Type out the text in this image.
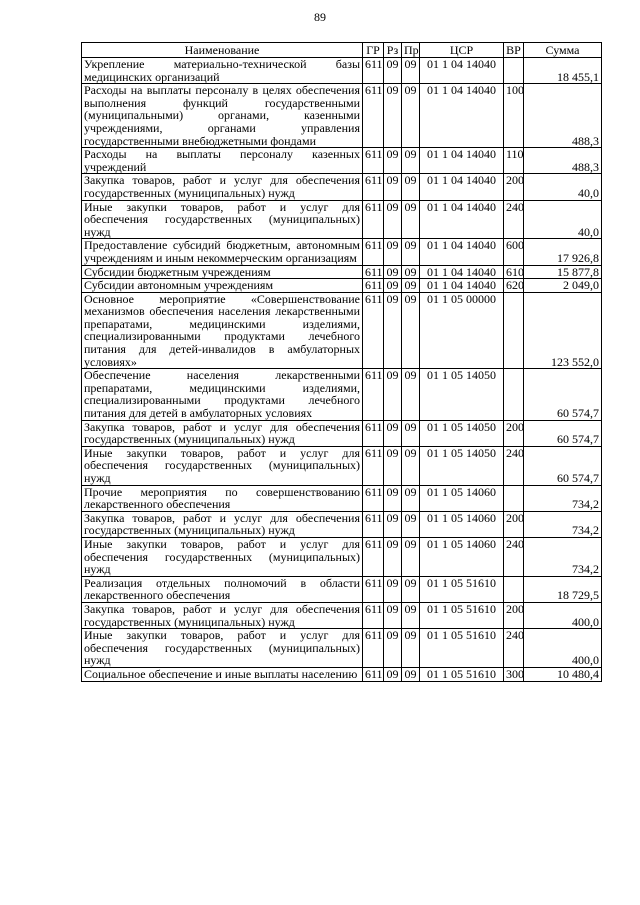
89
Наименование	ГР	Рз	Пр	ЦСР	ВР	Сумма
Укрепление материально-технической базы медицинских организаций	611	09	09	01 1 04 14040		18 455,1
Расходы на выплаты персоналу в целях обеспечения выполнения функций государственными (муниципальными) органами, казенными учреждениями, органами управления государственными внебюджетными фондами	611	09	09	01 1 04 14040	100	488,3
Расходы на выплаты персоналу казенных учреждений	611	09	09	01 1 04 14040	110	488,3
Закупка товаров, работ и услуг для обеспечения государственных (муниципальных) нужд	611	09	09	01 1 04 14040	200	40,0
Иные закупки товаров, работ и услуг для обеспечения государственных (муниципальных) нужд	611	09	09	01 1 04 14040	240	40,0
Предоставление субсидий бюджетным, автономным учреждениям и иным некоммерческим организациям	611	09	09	01 1 04 14040	600	17 926,8
Субсидии бюджетным учреждениям	611	09	09	01 1 04 14040	610	15 877,8
Субсидии автономным учреждениям	611	09	09	01 1 04 14040	620	2 049,0
Основное мероприятие «Совершенствование механизмов обеспечения населения лекарственными препаратами, медицинскими изделиями, специализированными продуктами лечебного питания для детей-инвалидов в амбулаторных условиях»	611	09	09	01 1 05 00000		123 552,0
Обеспечение населения лекарственными препаратами, медицинскими изделиями, специализированными продуктами лечебного питания для детей в амбулаторных условиях	611	09	09	01 1 05 14050		60 574,7
Закупка товаров, работ и услуг для обеспечения государственных (муниципальных) нужд	611	09	09	01 1 05 14050	200	60 574,7
Иные закупки товаров, работ и услуг для обеспечения государственных (муниципальных) нужд	611	09	09	01 1 05 14050	240	60 574,7
Прочие мероприятия по совершенствованию лекарственного обеспечения	611	09	09	01 1 05 14060		734,2
Закупка товаров, работ и услуг для обеспечения государственных (муниципальных) нужд	611	09	09	01 1 05 14060	200	734,2
Иные закупки товаров, работ и услуг для обеспечения государственных (муниципальных) нужд	611	09	09	01 1 05 14060	240	734,2
Реализация отдельных полномочий в области лекарственного обеспечения	611	09	09	01 1 05 51610		18 729,5
Закупка товаров, работ и услуг для обеспечения государственных (муниципальных) нужд	611	09	09	01 1 05 51610	200	400,0
Иные закупки товаров, работ и услуг для обеспечения государственных (муниципальных) нужд	611	09	09	01 1 05 51610	240	400,0
Социальное обеспечение и иные выплаты населению	611	09	09	01 1 05 51610	300	10 480,4
